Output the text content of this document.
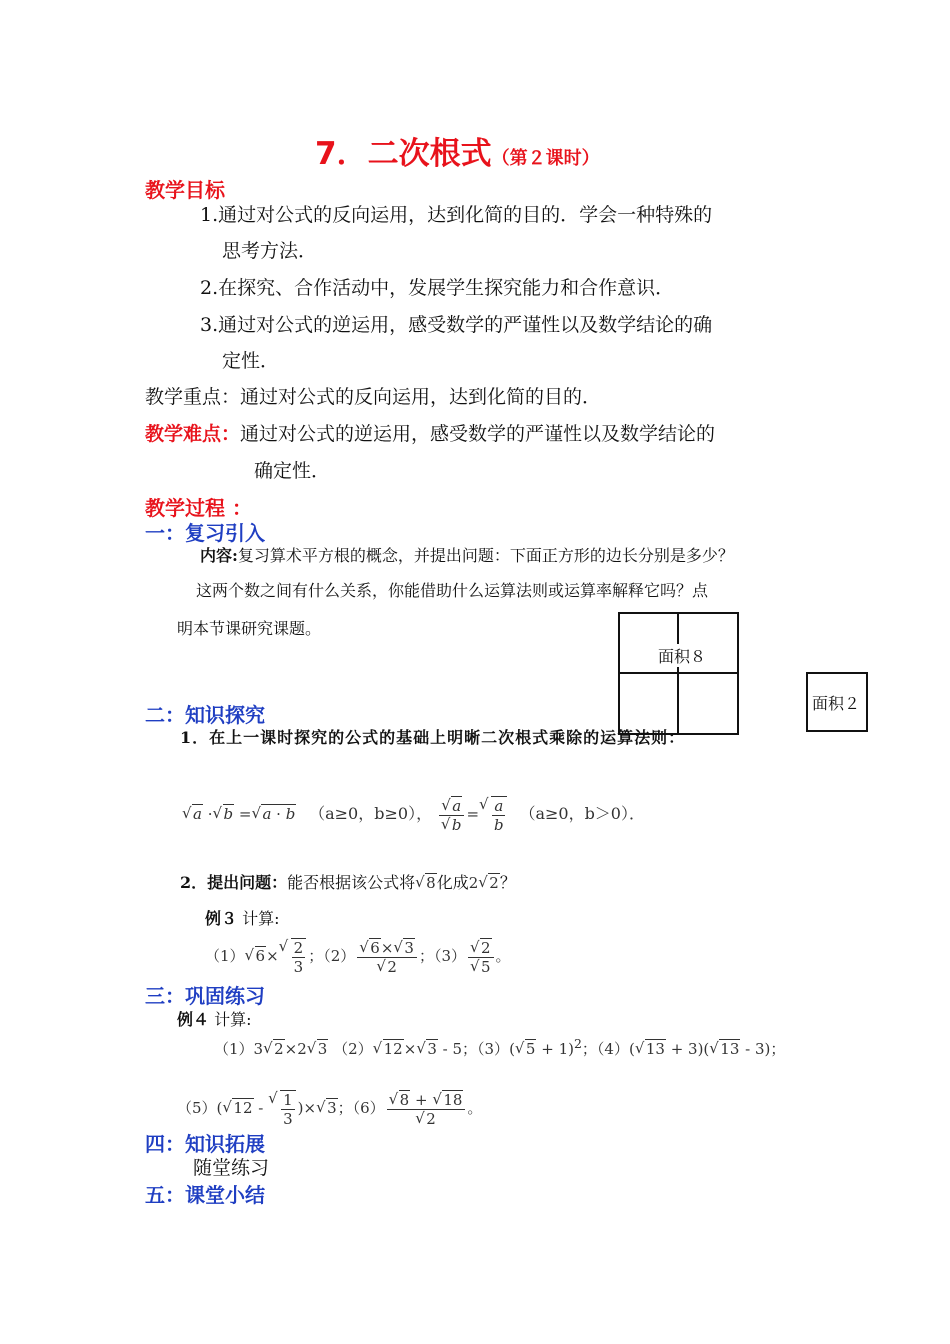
7．二次根式（第２课时）
教学目标
1.通过对公式的反向运用，达到化简的目的．学会一种特殊的
思考方法．
2.在探究、合作活动中，发展学生探究能力和合作意识．
3.通过对公式的逆运用，感受数学的严谨性以及数学结论的确
定性．
教学重点：通过对公式的反向运用，达到化简的目的．
教学难点：通过对公式的逆运用，感受数学的严谨性以及数学结论的
确定性．
教学过程 ：
一：复习引入
内容:复习算术平方根的概念，并提出问题：下面正方形的边长分别是多少？
这两个数之间有什么关系，你能借助什么运算法则或运算率解释它吗？点
明本节课研究课题。
面积８
面积２
二：知识探究
1．在上一课时探究的公式的基础上明晰二次根式乘除的运算法则：
√ a · √ b = √ a · b （a≥0，b≥0）， √ a
√ b = √ $\frac{a}{b} (a\ge 0$，b＞0）．
2．提出问题：能否根据该公式将 √ 8化成2 √ 2？
例３ 计算:
（1） √ 6× √ $\frac{2}{3}$ ；（2） √ 6× √ 3
√ 2 ；（3） √ 2
√ 5 。
三：巩固练习
例４ 计算:
（1）3 √ 2×2 √ 3 （2） √ 12× √ 3 - 5；（3）( √ 5 + 1)$^2$；（4）( √ 13 + 3)( √ 13 - 3)；
（5）( √ 12 - √ $\frac{1}{3}$ )× √ 3；（6） √ 8 + √ 18
√ 2 。
四：知识拓展
随堂练习
五：课堂小结
